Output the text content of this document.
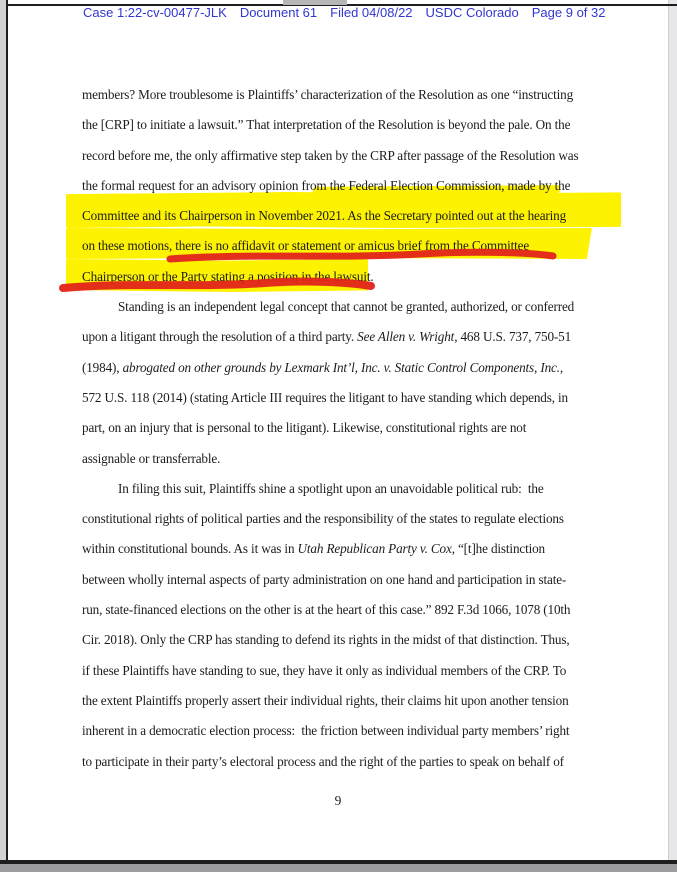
Case 1:22-cv-00477-JLK Document 61 Filed 04/08/22 USDC Colorado Page 9 of 32
members? More troublesome is Plaintiffs’ characterization of the Resolution as one “instructing
the [CRP] to initiate a lawsuit.” That interpretation of the Resolution is beyond the pale. On the
record before me, the only affirmative step taken by the CRP after passage of the Resolution was
the formal request for an advisory opinion from the Federal Election Commission, made by the
Committee and its Chairperson in November 2021. As the Secretary pointed out at the hearing
on these motions, there is no affidavit or statement or amicus brief from the Committee
Chairperson or the Party stating a position in the lawsuit.
Standing is an independent legal concept that cannot be granted, authorized, or conferred
upon a litigant through the resolution of a third party. See Allen v. Wright, 468 U.S. 737, 750-51
(1984), abrogated on other grounds by Lexmark Int’l, Inc. v. Static Control Components, Inc.,
572 U.S. 118 (2014) (stating Article III requires the litigant to have standing which depends, in
part, on an injury that is personal to the litigant). Likewise, constitutional rights are not
assignable or transferrable.
In filing this suit, Plaintiffs shine a spotlight upon an unavoidable political rub:  the
constitutional rights of political parties and the responsibility of the states to regulate elections
within constitutional bounds. As it was in Utah Republican Party v. Cox, “[t]he distinction
between wholly internal aspects of party administration on one hand and participation in state-
run, state-financed elections on the other is at the heart of this case.” 892 F.3d 1066, 1078 (10th
Cir. 2018). Only the CRP has standing to defend its rights in the midst of that distinction. Thus,
if these Plaintiffs have standing to sue, they have it only as individual members of the CRP. To
the extent Plaintiffs properly assert their individual rights, their claims hit upon another tension
inherent in a democratic election process:  the friction between individual party members’ right
to participate in their party’s electoral process and the right of the parties to speak on behalf of
9
